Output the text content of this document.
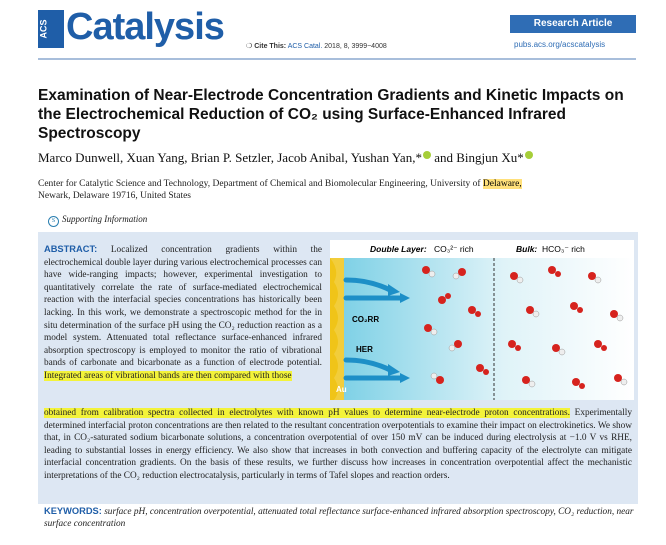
ACS Catalysis	Research Article
❍ Cite This: ACS Catal. 2018, 8, 3999−4008	pubs.acs.org/acscatalysis
Examination of Near-Electrode Concentration Gradients and Kinetic Impacts on the Electrochemical Reduction of CO₂ using Surface-Enhanced Infrared Spectroscopy
Marco Dunwell, Xuan Yang, Brian P. Setzler, Jacob Anibal, Yushan Yan,* and Bingjun Xu*
Center for Catalytic Science and Technology, Department of Chemical and Biomolecular Engineering, University of Delaware,
Newark, Delaware 19716, United States
S Supporting Information
ABSTRACT: Localized concentration gradients within the electrochemical double layer during various electrochemical processes can have wide-ranging impacts; however, experimental investigation to quantitatively correlate the rate of surface-mediated electrochemical reaction with the interfacial species concentrations has historically been lacking. In this work, we demonstrate a spectroscopic method for the in situ determination of the surface pH using the CO₂ reduction reaction as a model system. Attenuated total reflectance surface-enhanced infrared absorption spectroscopy is employed to monitor the ratio of vibrational bands of carbonate and bicarbonate as a function of electrode potential. Integrated areas of vibrational bands are then compared with those
obtained from calibration spectra collected in electrolytes with known pH values to determine near-electrode proton concentrations. Experimentally determined interfacial proton concentrations are then related to the resultant concentration overpotentials to examine their impact on electrokinetics. We show that, in CO₂-saturated sodium bicarbonate solutions, a concentration overpotential of over 150 mV can be induced during electrolysis at −1.0 V vs RHE, leading to substantial losses in energy efficiency. We also show that increases in both convection and buffering capacity of the electrolyte can mitigate interfacial concentration gradients. On the basis of these results, we further discuss how increases in concentration overpotential affect the mechanistic interpretations of the CO₂ reduction electrocatalysis, particularly in terms of Tafel slopes and reaction orders.
KEYWORDS: surface pH, concentration overpotential, attenuated total reflectance surface-enhanced infrared absorption spectroscopy, CO₂ reduction, near surface concentration
Au
Double Layer: CO₃²⁻ rich	Bulk: HCO₃⁻ rich
CO₂RR
HER
